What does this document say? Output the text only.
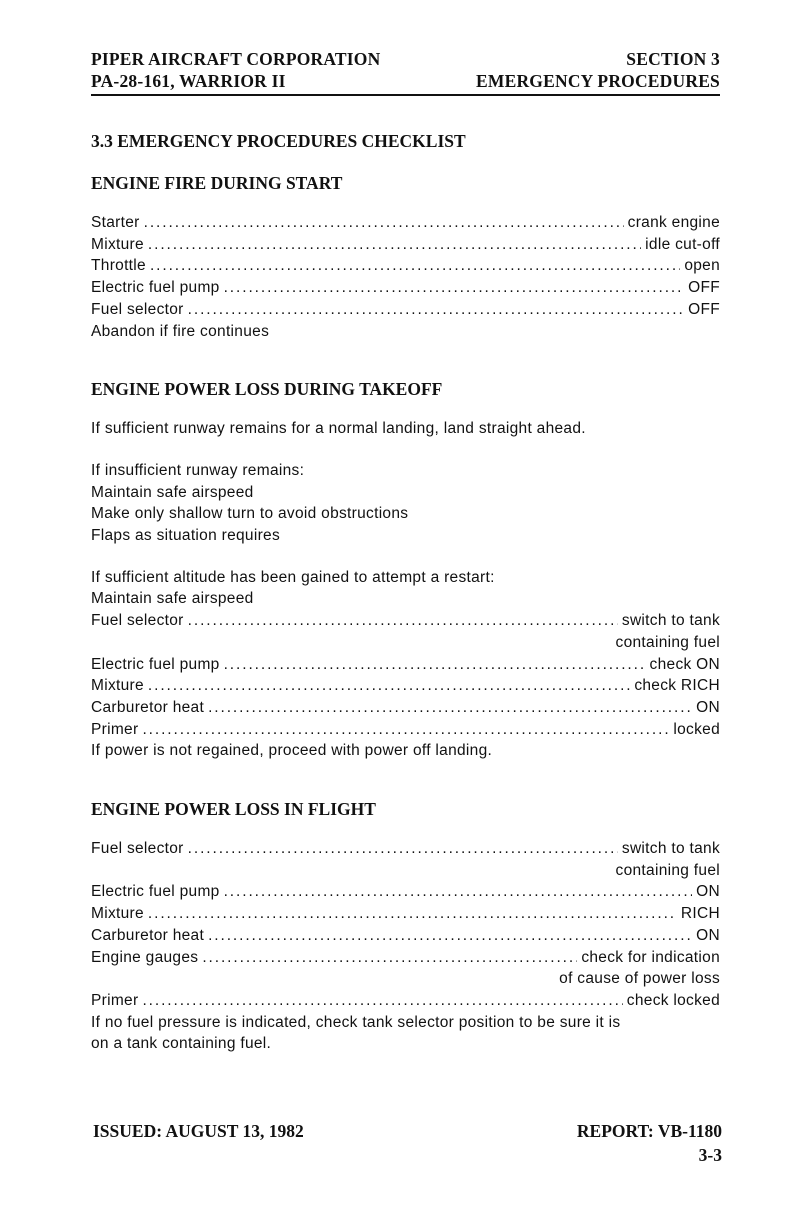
PIPER AIRCRAFT CORPORATION	SECTION 3
PA-28-161, WARRIOR II	EMERGENCY PROCEDURES
3.3 EMERGENCY PROCEDURES CHECKLIST
ENGINE FIRE DURING START
Starter . . .	crank engine
Mixture . . .	idle cut-off
Throttle . . .	open
Electric fuel pump . . .	OFF
Fuel selector . . .	OFF
Abandon if fire continues
ENGINE POWER LOSS DURING TAKEOFF
If sufficient runway remains for a normal landing, land straight ahead.
If insufficient runway remains:
Maintain safe airspeed
Make only shallow turn to avoid obstructions
Flaps as situation requires
If sufficient altitude has been gained to attempt a restart:
Maintain safe airspeed
Fuel selector . . .	switch to tank
containing fuel
Electric fuel pump . . .	check ON
Mixture . . .	check RICH
Carburetor heat . . .	ON
Primer . . .	locked
If power is not regained, proceed with power off landing.
ENGINE POWER LOSS IN FLIGHT
Fuel selector . . .	switch to tank
containing fuel
Electric fuel pump . . .	ON
Mixture . . .	RICH
Carburetor heat . . .	ON
Engine gauges . . .	check for indication
of cause of power loss
Primer . . .	check locked
If no fuel pressure is indicated, check tank selector position to be sure it is
on a tank containing fuel.
ISSUED: AUGUST 13, 1982	REPORT: VB-1180
3-3
